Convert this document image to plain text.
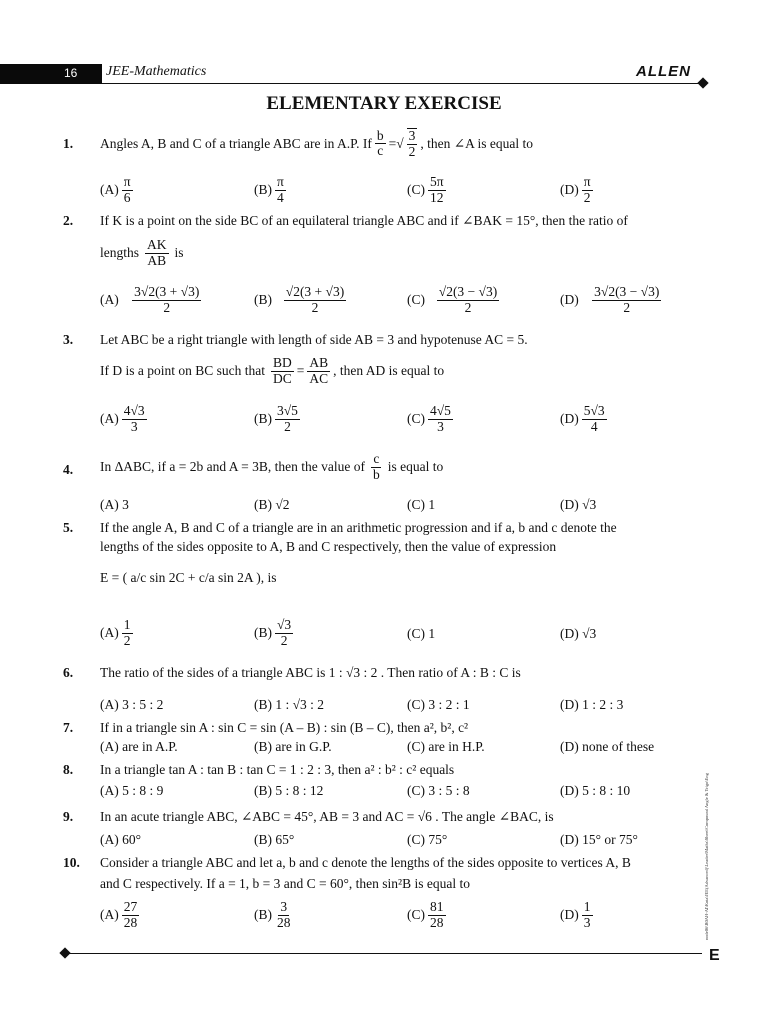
16 JEE-Mathematics	ALLEN
ELEMENTARY EXERCISE
1. Angles A, B and C of a triangle ABC are in A.P. If $\frac{b}{c}$ = √ $\frac{3}{2}$ , then ∠A is equal to
$(A) \frac{\pi}{6}$	$(B) \frac{\pi}{4}$	$(C) \frac{5\pi}{12}$	$(D) \frac{\pi}{2}$
2. If K is a point on the side BC of an equilateral triangle ABC and if ∠BAK = 15°, then the ratio of
lengths $\frac{AK}{AB}$ is
$(A) \frac{3√2(3 + √3)}{2}$	$(B) \frac{√2(3 + √3)}{2}$	$(C) \frac{√2(3 - √3)}{2}$	$(D) \frac{3√2(3 - √3)}{2}$
3. Let ABC be a right triangle with length of side AB = 3 and hypotenuse AC = 5.
If D is a point on BC such that $\frac{BD}{DC} = \frac{AB}{AC}$ , then AD is equal to
$(A) \frac{4√3}{3}$	$(B) \frac{3√5}{2}$	$(C) \frac{4√5}{3}$	$(D) \frac{5√3}{4}$
4. In ΔABC, if a = 2b and A = 3B, then the value of $\frac{c}{b}$ is equal to
(A) 3	(B) √2	(C) 1	(D) √3
5. If the angle A, B and C of a triangle are in an arithmetic progression and if a, b and c denote the
lengths of the sides opposite to A, B and C respectively, then the value of expression
E = ( a/c sin 2C + c/a sin 2A ), is
$(A) \frac{1}{2}$	$(B) \frac{√3}{2}$	(C) 1	(D) √3
6. The ratio of the sides of a triangle ABC is 1 : √3 : 2 . Then ratio of A : B : C is
(A) 3 : 5 : 2	(B) 1 : √3 : 2	(C) 3 : 2 : 1	(D) 1 : 2 : 3
7. If in a triangle sin A : sin C = sin (A – B) : sin (B – C), then a², b², c²
(A) are in A.P.	(B) are in G.P.	(C) are in H.P.	(D) none of these
8. In a triangle tan A : tan B : tan C = 1 : 2 : 3, then a² : b² : c² equals
(A) 5 : 8 : 9	(B) 5 : 8 : 12	(C) 3 : 5 : 8	(D) 5 : 8 : 10
9. In an acute triangle ABC, ∠ABC = 45°, AB = 3 and AC = √6 . The angle ∠BAC, is
(A) 60°	(B) 65°	(C) 75°	(D) 15° or 75°
10. Consider a triangle ABC and let a, b and c denote the lengths of the sides opposite to vertices A, B
and C respectively. If a = 1, b = 3 and C = 60°, then sin²B is equal to
$(A) \frac{27}{28}$	$(B) \frac{3}{28}$	$(C) \frac{81}{28}$	$(D) \frac{1}{3}$
E
node06\B0AH-AI\Kota\JEE(Advanced)\Leader\Maths\Sheet\Compound Angle & Trigo\Eng
